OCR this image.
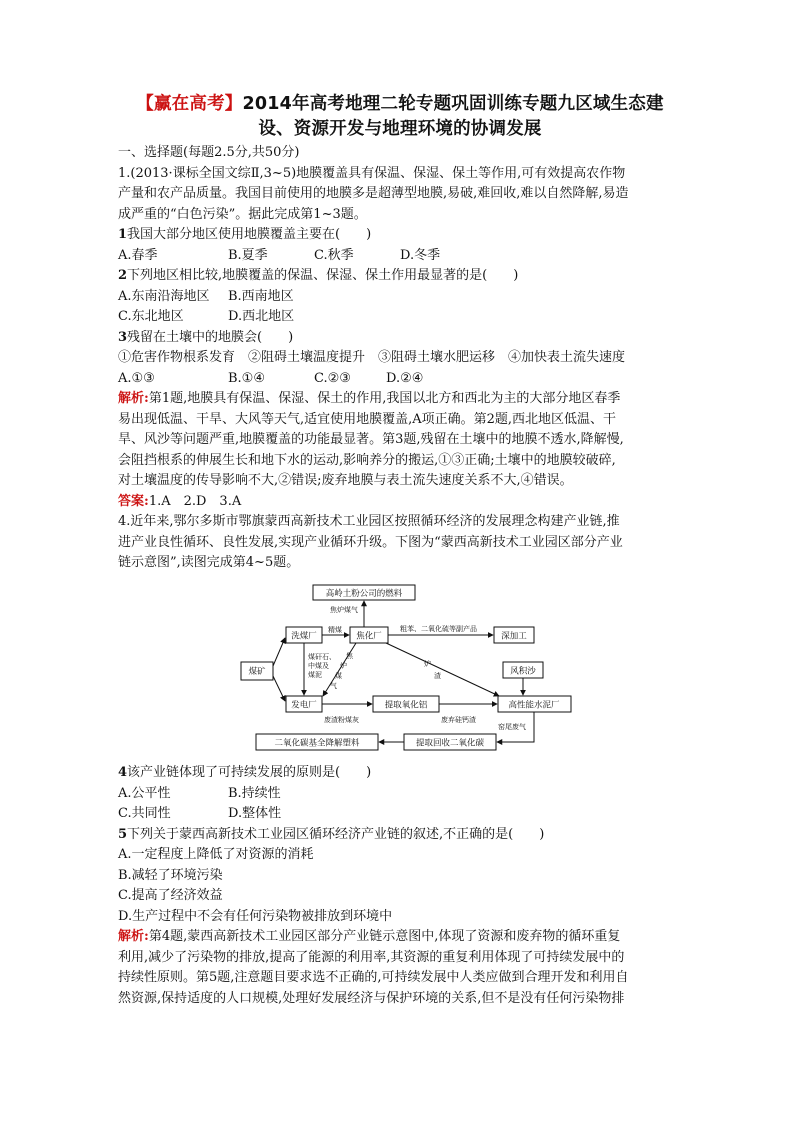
【赢在高考】2014年高考地理二轮专题巩固训练专题九区域生态建
设、资源开发与地理环境的协调发展
一、选择题(每题2.5分,共50分)
1.(2013·课标全国文综Ⅱ,3~5)地膜覆盖具有保温、保湿、保土等作用,可有效提高农作物
产量和农产品质量。我国目前使用的地膜多是超薄型地膜,易破,难回收,难以自然降解,易造
成严重的“白色污染”。据此完成第1~3题。
1我国大部分地区使用地膜覆盖主要在(　　)
A.春季	B.夏季	C.秋季	D.冬季
2下列地区相比较,地膜覆盖的保温、保湿、保土作用最显著的是(　　)
A.东南沿海地区	B.西南地区
C.东北地区	D.西北地区
3残留在土壤中的地膜会(　　)
①危害作物根系发育　②阻碍土壤温度提升　③阻碍土壤水肥运移　④加快表土流失速度
A.①③	B.①④	C.②③	D.②④
解析:第1题,地膜具有保温、保湿、保土的作用,我国以北方和西北为主的大部分地区春季
易出现低温、干旱、大风等天气,适宜使用地膜覆盖,A项正确。第2题,西北地区低温、干
旱、风沙等问题严重,地膜覆盖的功能最显著。第3题,残留在土壤中的地膜不透水,降解慢,
会阻挡根系的伸展生长和地下水的运动,影响养分的搬运,①③正确;土壤中的地膜较破碎,
对土壤温度的传导影响不大,②错误;废弃地膜与表土流失速度关系不大,④错误。
答案:1.A　2.D　3.A
4.近年来,鄂尔多斯市鄂旗蒙西高新技术工业园区按照循环经济的发展理念构建产业链,推
进产业良性循环、良性发展,实现产业循环升级。下图为“蒙西高新技术工业园区部分产业
链示意图”,读图完成第4~5题。
高岭土粉公司的燃料
洗煤厂	焦化厂	深加工
煤矿
发电厂	提取氧化铝
风积沙
高性能水泥厂
提取回收二氧化碳
二氧化碳基全降解塑料
焦炉煤气
精煤	粗苯、二氧化硫等副产品
煤矸石、
中煤及
煤泥
焦
炉
煤
气
炉
渣
废渣粉煤灰	废弃硅钙渣
窑尾废气
4该产业链体现了可持续发展的原则是(　　)
A.公平性	B.持续性
C.共同性	D.整体性
5下列关于蒙西高新技术工业园区循环经济产业链的叙述,不正确的是(　　)
A.一定程度上降低了对资源的消耗
B.减轻了环境污染
C.提高了经济效益
D.生产过程中不会有任何污染物被排放到环境中
解析:第4题,蒙西高新技术工业园区部分产业链示意图中,体现了资源和废弃物的循环重复
利用,减少了污染物的排放,提高了能源的利用率,其资源的重复利用体现了可持续发展中的
持续性原则。第5题,注意题目要求选不正确的,可持续发展中人类应做到合理开发和利用自
然资源,保持适度的人口规模,处理好发展经济与保护环境的关系,但不是没有任何污染物排
